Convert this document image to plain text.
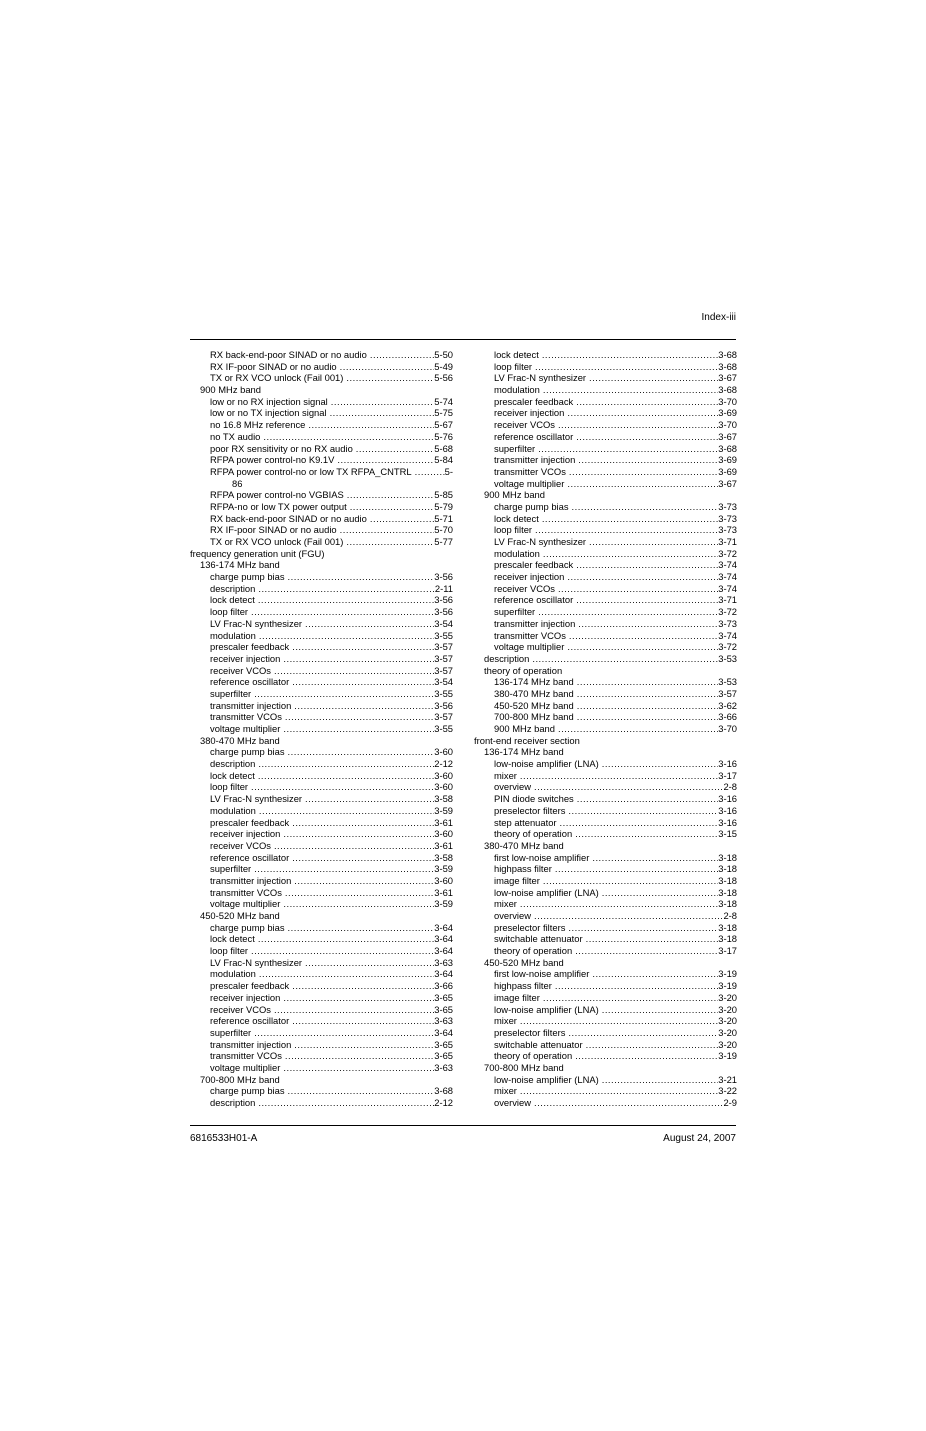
Index-iii
RX back-end-poor SINAD or no audio .....	5-50
RX IF-poor SINAD or no audio .....	5-49
TX or RX VCO unlock (Fail 001) .....	5-56
900 MHz band
low or no RX injection signal .....	5-74
low or no TX injection signal .....	5-75
no 16.8 MHz reference .....	5-67
no TX audio .....	5-76
poor RX sensitivity or no RX audio .....	5-68
RFPA power control-no K9.1V .....	5-84
RFPA power control-no or low TX RFPA_CNTRL .....	5-
86
RFPA power control-no VGBIAS .....	5-85
RFPA-no or low TX power output .....	5-79
RX back-end-poor SINAD or no audio .....	5-71
RX IF-poor SINAD or no audio .....	5-70
TX or RX VCO unlock (Fail 001) .....	5-77
frequency generation unit (FGU)
136-174 MHz band
charge pump bias .....	3-56
description .....	2-11
lock detect .....	3-56
loop filter .....	3-56
LV Frac-N synthesizer .....	3-54
modulation .....	3-55
prescaler feedback .....	3-57
receiver injection .....	3-57
receiver VCOs .....	3-57
reference oscillator .....	3-54
superfilter .....	3-55
transmitter injection .....	3-56
transmitter VCOs .....	3-57
voltage multiplier .....	3-55
380-470 MHz band
charge pump bias .....	3-60
description .....	2-12
lock detect .....	3-60
loop filter .....	3-60
LV Frac-N synthesizer .....	3-58
modulation .....	3-59
prescaler feedback .....	3-61
receiver injection .....	3-60
receiver VCOs .....	3-61
reference oscillator .....	3-58
superfilter .....	3-59
transmitter injection .....	3-60
transmitter VCOs .....	3-61
voltage multiplier .....	3-59
450-520 MHz band
charge pump bias .....	3-64
lock detect .....	3-64
loop filter .....	3-64
LV Frac-N synthesizer .....	3-63
modulation .....	3-64
prescaler feedback .....	3-66
receiver injection .....	3-65
receiver VCOs .....	3-65
reference oscillator .....	3-63
superfilter .....	3-64
transmitter injection .....	3-65
transmitter VCOs .....	3-65
voltage multiplier .....	3-63
700-800 MHz band
charge pump bias .....	3-68
description .....	2-12
lock detect .....	3-68
loop filter .....	3-68
LV Frac-N synthesizer .....	3-67
modulation .....	3-68
prescaler feedback .....	3-70
receiver injection .....	3-69
receiver VCOs .....	3-70
reference oscillator .....	3-67
superfilter .....	3-68
transmitter injection .....	3-69
transmitter VCOs .....	3-69
voltage multiplier .....	3-67
900 MHz band
charge pump bias .....	3-73
lock detect .....	3-73
loop filter .....	3-73
LV Frac-N synthesizer .....	3-71
modulation .....	3-72
prescaler feedback .....	3-74
receiver injection .....	3-74
receiver VCOs .....	3-74
reference oscillator .....	3-71
superfilter .....	3-72
transmitter injection .....	3-73
transmitter VCOs .....	3-74
voltage multiplier .....	3-72
description .....	3-53
theory of operation
136-174 MHz band .....	3-53
380-470 MHz band .....	3-57
450-520 MHz band .....	3-62
700-800 MHz band .....	3-66
900 MHz band .....	3-70
front-end receiver section
136-174 MHz band
low-noise amplifier (LNA) .....	3-16
mixer .....	3-17
overview .....	2-8
PIN diode switches .....	3-16
preselector filters .....	3-16
step attenuator .....	3-16
theory of operation .....	3-15
380-470 MHz band
first low-noise amplifier .....	3-18
highpass filter .....	3-18
image filter .....	3-18
low-noise amplifier (LNA) .....	3-18
mixer .....	3-18
overview .....	2-8
preselector filters .....	3-18
switchable attenuator .....	3-18
theory of operation .....	3-17
450-520 MHz band
first low-noise amplifier .....	3-19
highpass filter .....	3-19
image filter .....	3-20
low-noise amplifier (LNA) .....	3-20
mixer .....	3-20
preselector filters .....	3-20
switchable attenuator .....	3-20
theory of operation .....	3-19
700-800 MHz band
low-noise amplifier (LNA) .....	3-21
mixer .....	3-22
overview .....	2-9
6816533H01-A	August 24, 2007
